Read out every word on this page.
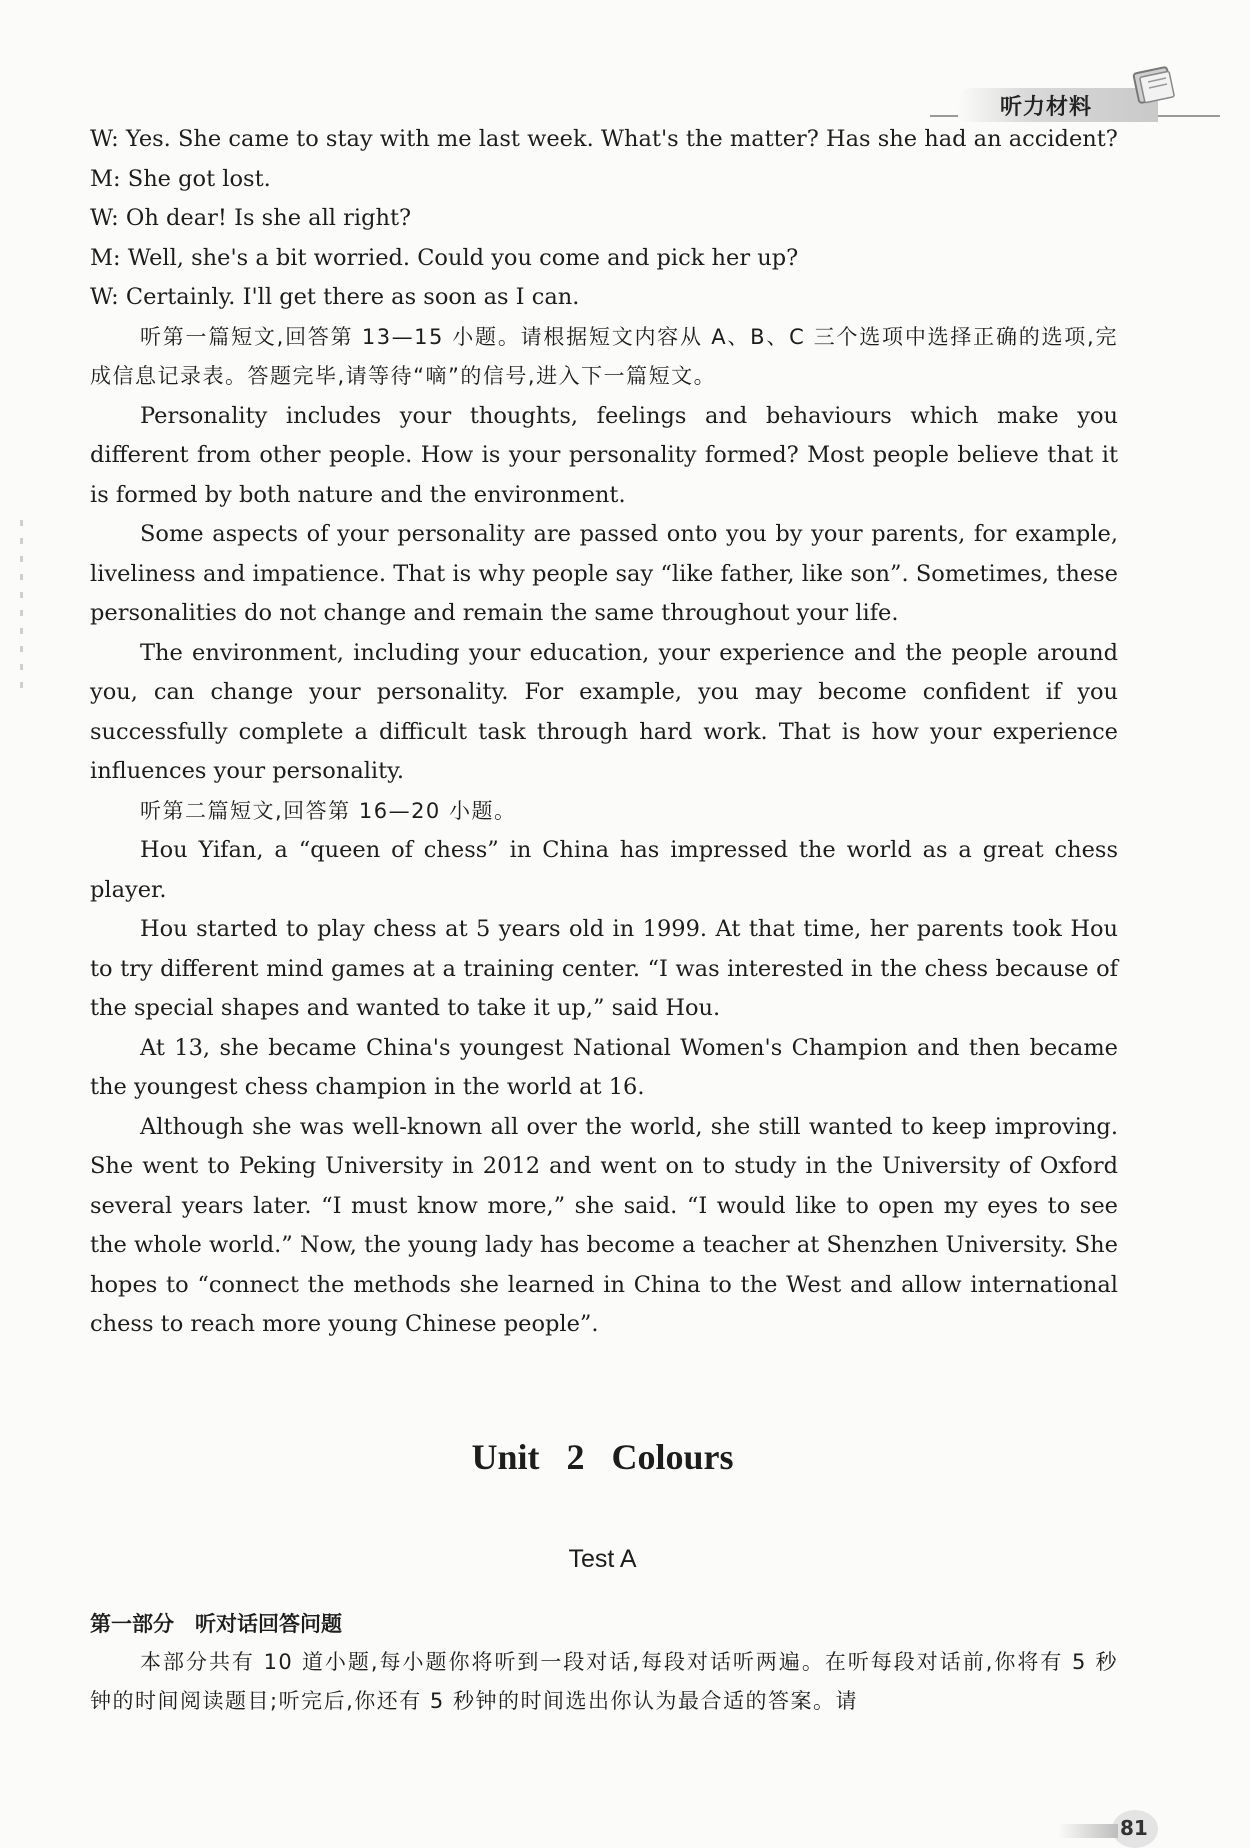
听力材料

W: Yes. She came to stay with me last week. What's the matter? Has she had an accident?

M: She got lost.

W: Oh dear! Is she all right?

M: Well, she's a bit worried. Could you come and pick her up?

W: Certainly. I'll get there as soon as I can.

听第一篇短文,回答第 13—15 小题。请根据短文内容从 A、B、C 三个选项中选择正确的选项,完成信息记录表。答题完毕,请等待“嘀”的信号,进入下一篇短文。

Personality includes your thoughts, feelings and behaviours which make you different from other people. How is your personality formed? Most people believe that it is formed by both nature and the environment.

Some aspects of your personality are passed onto you by your parents, for example, liveliness and impatience. That is why people say “like father, like son”. Sometimes, these personalities do not change and remain the same throughout your life.

The environment, including your education, your experience and the people around you, can change your personality. For example, you may become confident if you successfully complete a difficult task through hard work. That is how your experience influences your personality.

听第二篇短文,回答第 16—20 小题。

Hou Yifan, a “queen of chess” in China has impressed the world as a great chess player.

Hou started to play chess at 5 years old in 1999. At that time, her parents took Hou to try different mind games at a training center. “I was interested in the chess because of the special shapes and wanted to take it up,” said Hou.

At 13, she became China's youngest National Women's Champion and then became the youngest chess champion in the world at 16.

Although she was well-known all over the world, she still wanted to keep improving. She went to Peking University in 2012 and went on to study in the University of Oxford several years later. “I must know more,” she said. “I would like to open my eyes to see the whole world.” Now, the young lady has become a teacher at Shenzhen University. She hopes to “connect the methods she learned in China to the West and allow international chess to reach more young Chinese people”.

Unit 2 Colours
Test A
第一部分　听对话回答问题
本部分共有 10 道小题,每小题你将听到一段对话,每段对话听两遍。在听每段对话前,你将有 5 秒钟的时间阅读题目;听完后,你还有 5 秒钟的时间选出你认为最合适的答案。请
81
